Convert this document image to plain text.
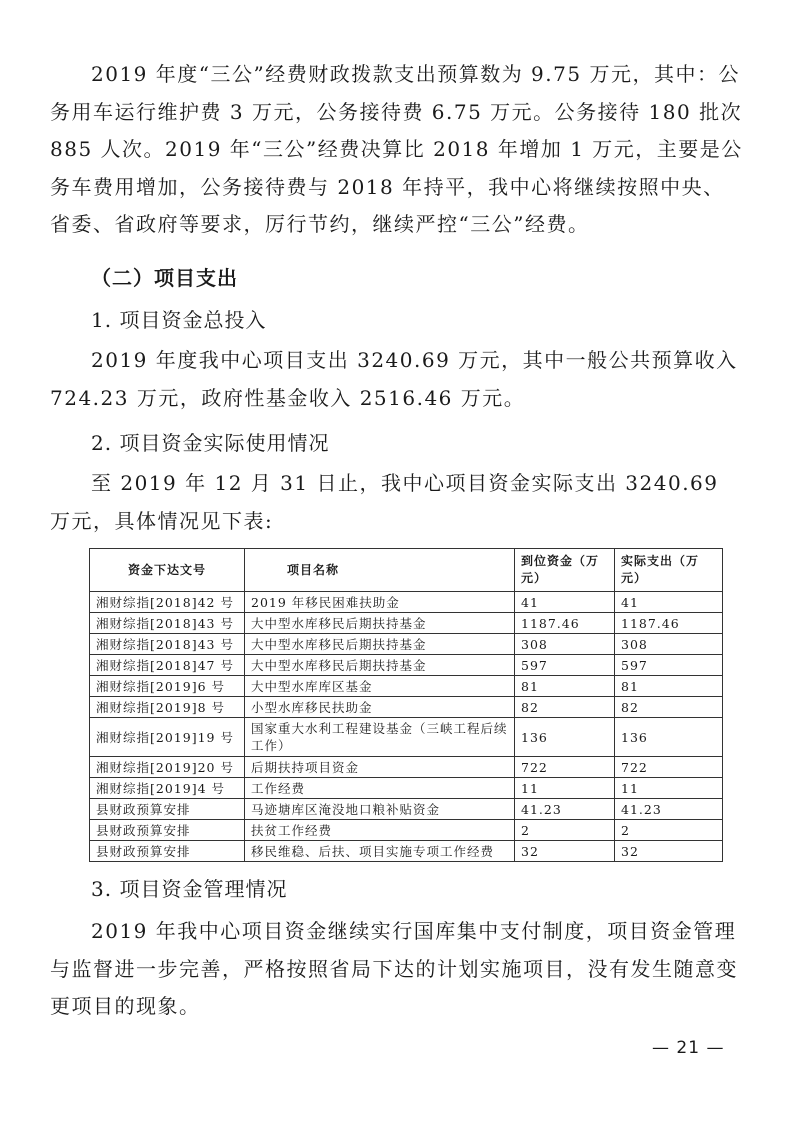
2019 年度“三公”经费财政拨款支出预算数为 9.75 万元，其中：公务用车运行维护费 3 万元，公务接待费 6.75 万元。公务接待 180 批次 885 人次。2019 年“三公”经费决算比 2018 年增加 1 万元，主要是公务车费用增加，公务接待费与 2018 年持平，我中心将继续按照中央、省委、省政府等要求，厉行节约，继续严控“三公”经费。

（二）项目支出

1. 项目资金总投入

2019 年度我中心项目支出 3240.69 万元，其中一般公共预算收入 724.23 万元，政府性基金收入 2516.46 万元。

2. 项目资金实际使用情况

至 2019 年 12 月 31 日止，我中心项目资金实际支出 3240.69 万元，具体情况见下表:

资金下达文号	项目名称	到位资金（万元）	实际支出（万元）
湘财综指[2018]42 号	2019 年移民困难扶助金	41	41
湘财综指[2018]43 号	大中型水库移民后期扶持基金	1187.46	1187.46
湘财综指[2018]43 号	大中型水库移民后期扶持基金	308	308
湘财综指[2018]47 号	大中型水库移民后期扶持基金	597	597
湘财综指[2019]6 号	大中型水库库区基金	81	81
湘财综指[2019]8 号	小型水库移民扶助金	82	82
湘财综指[2019]19 号	国家重大水利工程建设基金（三峡工程后续工作）	136	136
湘财综指[2019]20 号	后期扶持项目资金	722	722
湘财综指[2019]4 号	工作经费	11	11
县财政预算安排	马迹塘库区淹没地口粮补贴资金	41.23	41.23
县财政预算安排	扶贫工作经费	2	2
县财政预算安排	移民维稳、后扶、项目实施专项工作经费	32	32

3. 项目资金管理情况

2019 年我中心项目资金继续实行国库集中支付制度，项目资金管理与监督进一步完善，严格按照省局下达的计划实施项目，没有发生随意变更项目的现象。

— 21 —
